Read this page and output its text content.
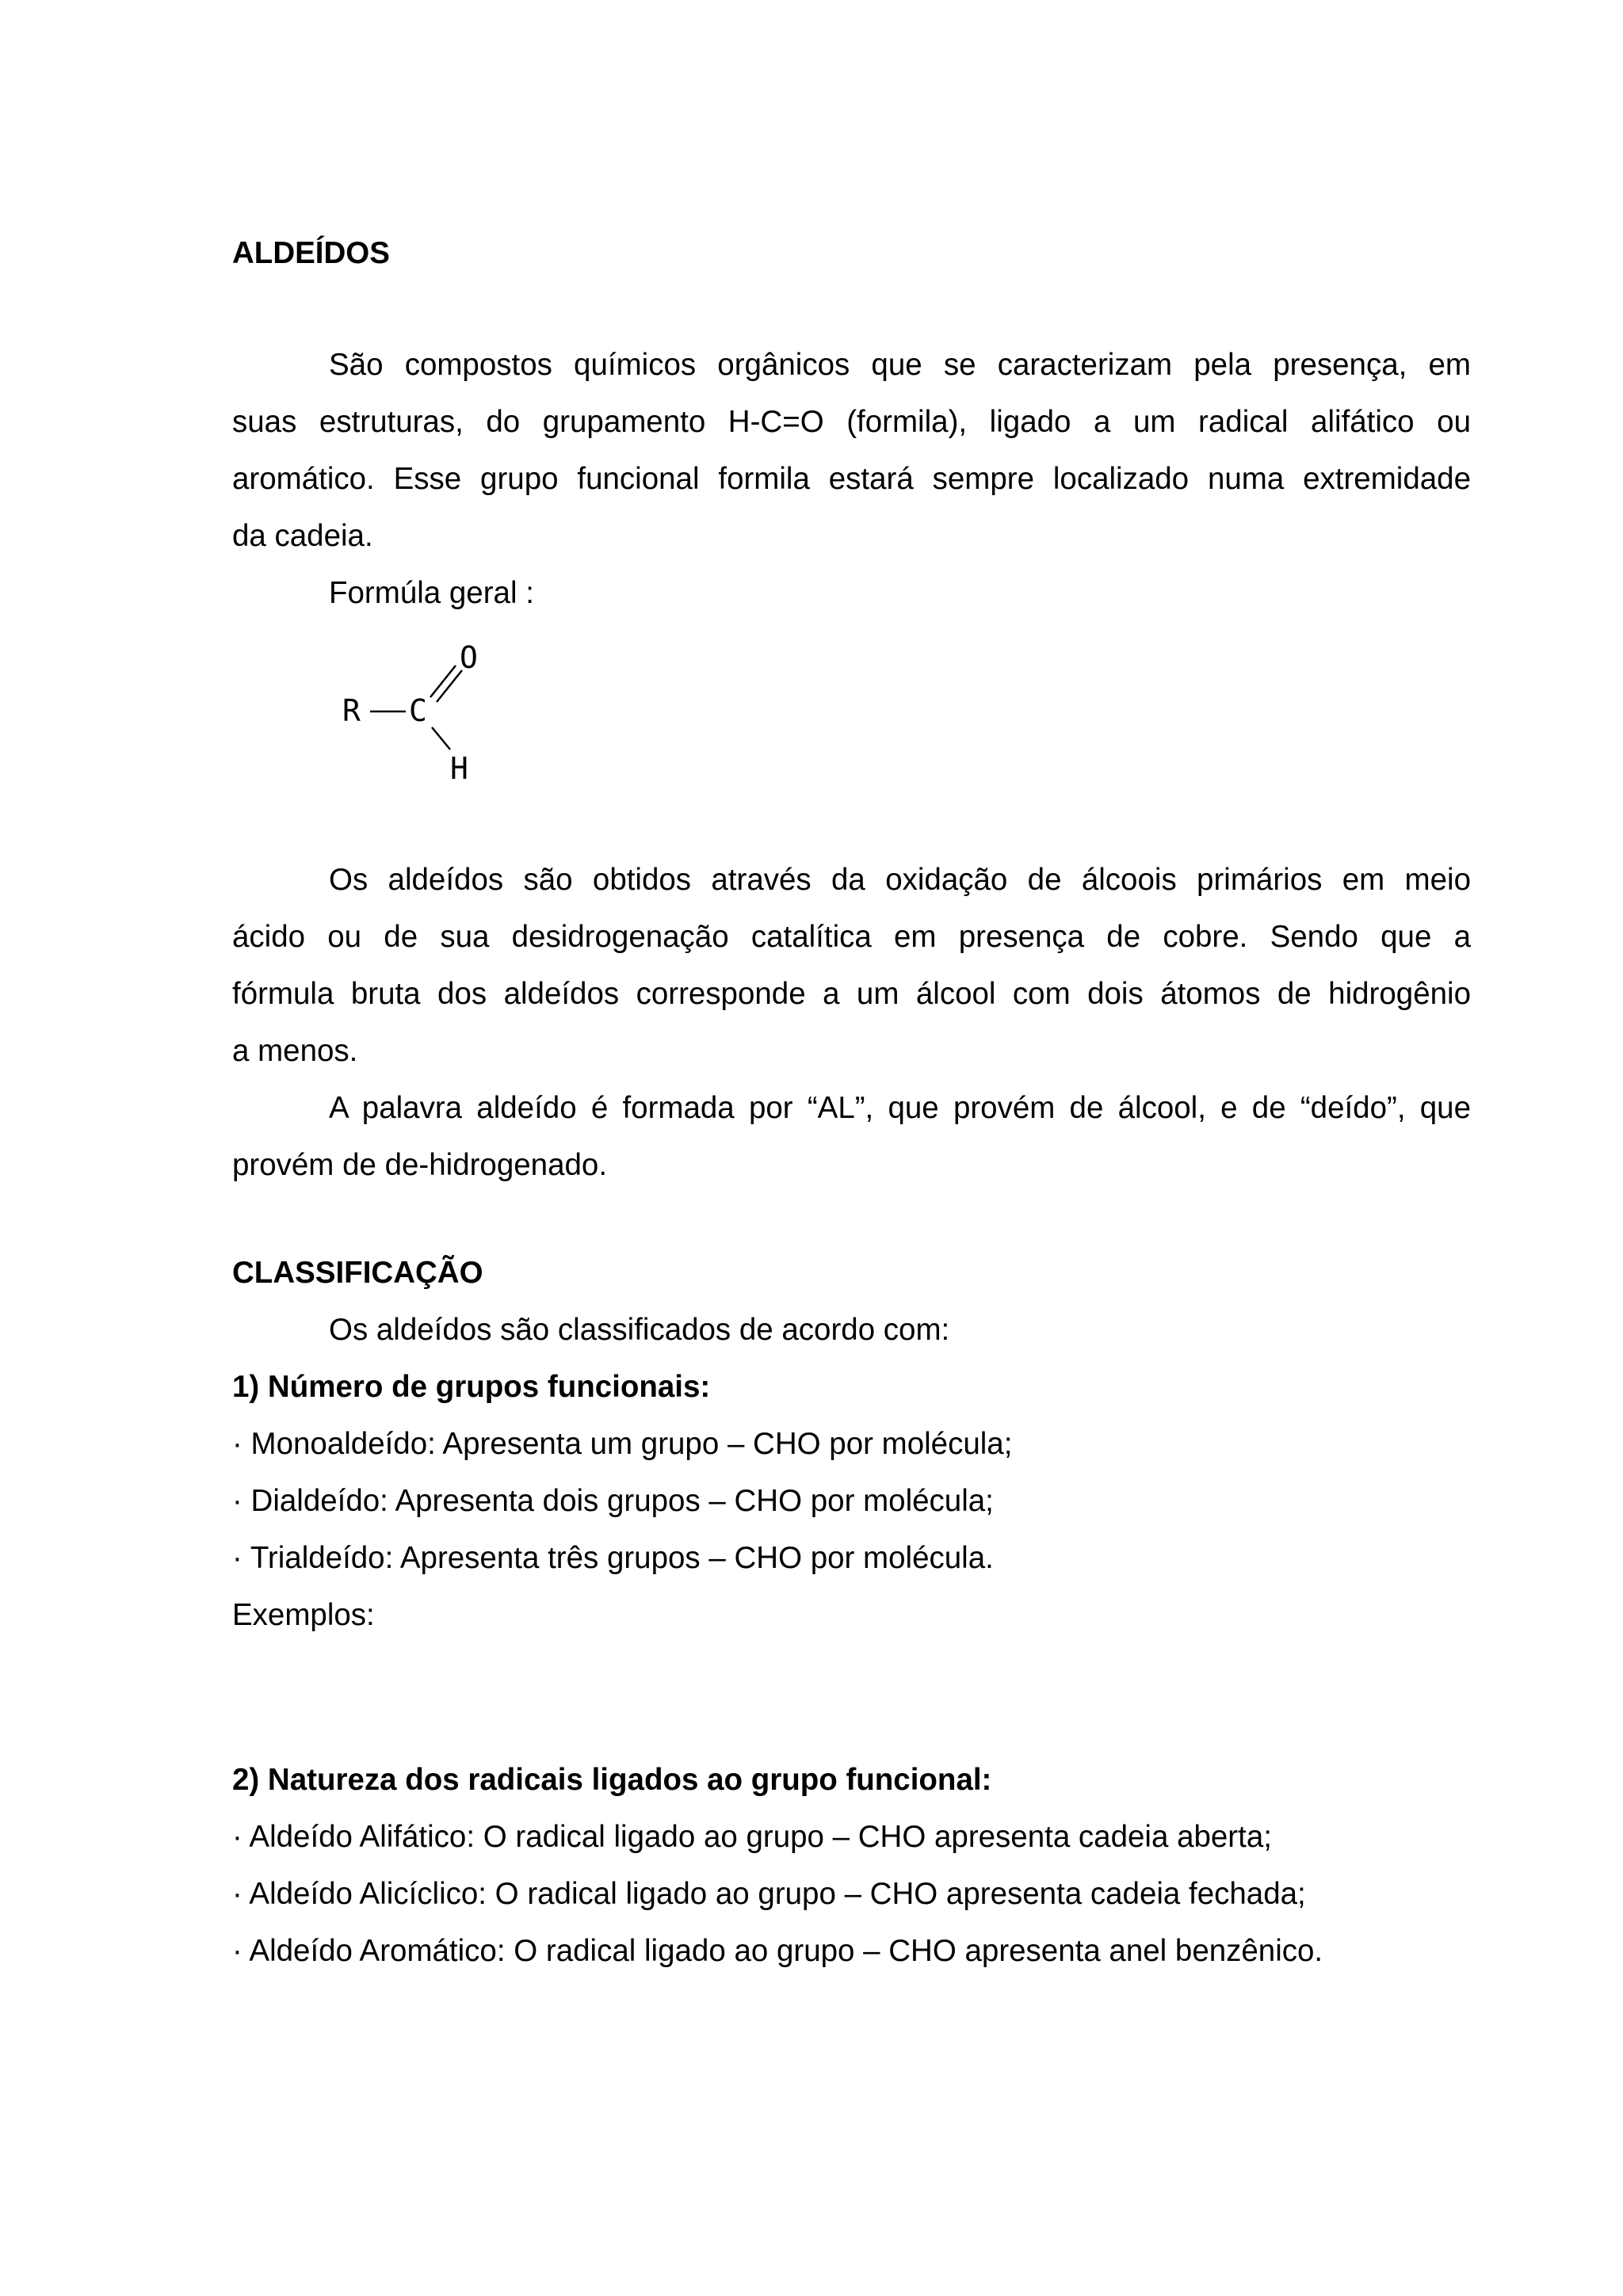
ALDEÍDOS

São compostos químicos orgânicos que se caracterizam pela presença, em

suas estruturas, do grupamento H-C=O (formila), ligado a um radical alifático ou

aromático. Esse grupo funcional formila estará sempre localizado numa extremidade

da cadeia.

Formúla geral :

R C
O
H

Os aldeídos são obtidos através da oxidação de álcoois primários em meio

ácido ou de sua desidrogenação catalítica em presença de cobre. Sendo que a

fórmula bruta dos aldeídos corresponde a um álcool com dois átomos de hidrogênio

a menos.

A palavra aldeído é formada por “AL”, que provém de álcool, e de “deído”, que

provém de de-hidrogenado.

CLASSIFICAÇÃO

Os aldeídos são classificados de acordo com:

1) Número de grupos funcionais:

· Monoaldeído: Apresenta um grupo – CHO por molécula;

· Dialdeído: Apresenta dois grupos – CHO por molécula;

· Trialdeído: Apresenta três grupos – CHO por molécula.

Exemplos:

2) Natureza dos radicais ligados ao grupo funcional:

· Aldeído Alifático: O radical ligado ao grupo – CHO apresenta cadeia aberta;

· Aldeído Alicíclico: O radical ligado ao grupo – CHO apresenta cadeia fechada;

· Aldeído Aromático: O radical ligado ao grupo – CHO apresenta anel benzênico.
